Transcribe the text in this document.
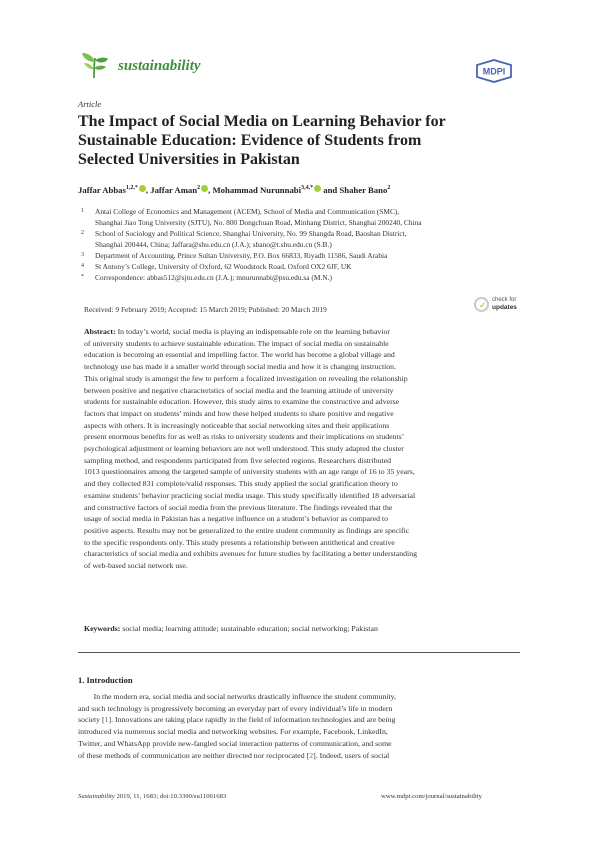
sustainability	MDPI
Article
The Impact of Social Media on Learning Behavior for
Sustainable Education: Evidence of Students from
Selected Universities in Pakistan
Jaffar Abbas$^{1,2,*}$ , Jaffar Aman$^2$ , Mohammad Nurunnabi$^{3,4,*}$ and Shaher Bano$^2$
1	Antai College of Economics and Management (ACEM), School of Media and Communication (SMC),
Shanghai Jiao Tong University (SJTU), No. 800 Dongchuan Road, Minhang District, Shanghai 200240, China
2	School of Sociology and Political Science, Shanghai University, No. 99 Shangda Road, Baoshan District,
Shanghai 200444, China; Jaffara@shu.edu.cn (J.A.); sbano@t.shu.edu.cn (S.B.)
3	Department of Accounting, Prince Sultan University, P.O. Box 66833, Riyadh 11586, Saudi Arabia
4	St Antony’s College, University of Oxford, 62 Woodstock Road, Oxford OX2 6JF, UK
*	Correspondence: abbas512@sjtu.edu.cn (J.A.); mnurunnabi@psu.edu.sa (M.N.)
Received: 9 February 2019; Accepted: 15 March 2019; Published: 20 March 2019	✓
check for
updates
Abstract: In today’s world, social media is playing an indispensable role on the learning behavior
of university students to achieve sustainable education. The impact of social media on sustainable
education is becoming an essential and impelling factor. The world has become a global village and
technology use has made it a smaller world through social media and how it is changing instruction.
This original study is amongst the few to perform a focalized investigation on revealing the relationship
between positive and negative characteristics of social media and the learning attitude of university
students for sustainable education. However, this study aims to examine the constructive and adverse
factors that impact on students’ minds and how these helped students to share positive and negative
aspects with others. It is increasingly noticeable that social networking sites and their applications
present enormous benefits for as well as risks to university students and their implications on students’
psychological adjustment or learning behaviors are not well understood. This study adapted the cluster
sampling method, and respondents participated from five selected regions. Researchers distributed
1013 questionnaires among the targeted sample of university students with an age range of 16 to 35 years,
and they collected 831 complete/valid responses. This study applied the social gratification theory to
examine students’ behavior practicing social media usage. This study specifically identified 18 adversarial
and constructive factors of social media from the previous literature. The findings revealed that the
usage of social media in Pakistan has a negative influence on a student’s behavior as compared to
positive aspects. Results may not be generalized to the entire student community as findings are specific
to the specific respondents only. This study presents a relationship between antithetical and creative
characteristics of social media and exhibits avenues for future studies by facilitating a better understanding
of web-based social network use.
Keywords: social media; learning attitude; sustainable education; social networking; Pakistan
1. Introduction
In the modern era, social media and social networks drastically influence the student community,
and such technology is progressively becoming an everyday part of every individual’s life in modern
society [1]. Innovations are taking place rapidly in the field of information technologies and are being
introduced via numerous social media and networking websites. For example, Facebook, LinkedIn,
Twitter, and WhatsApp provide new-fangled social interaction patterns of communication, and some
of these methods of communication are neither directed nor reciprocated [2]. Indeed, users of social
Sustainability 2019, 11, 1683; doi:10.3390/su11061683	www.mdpi.com/journal/sustainability
